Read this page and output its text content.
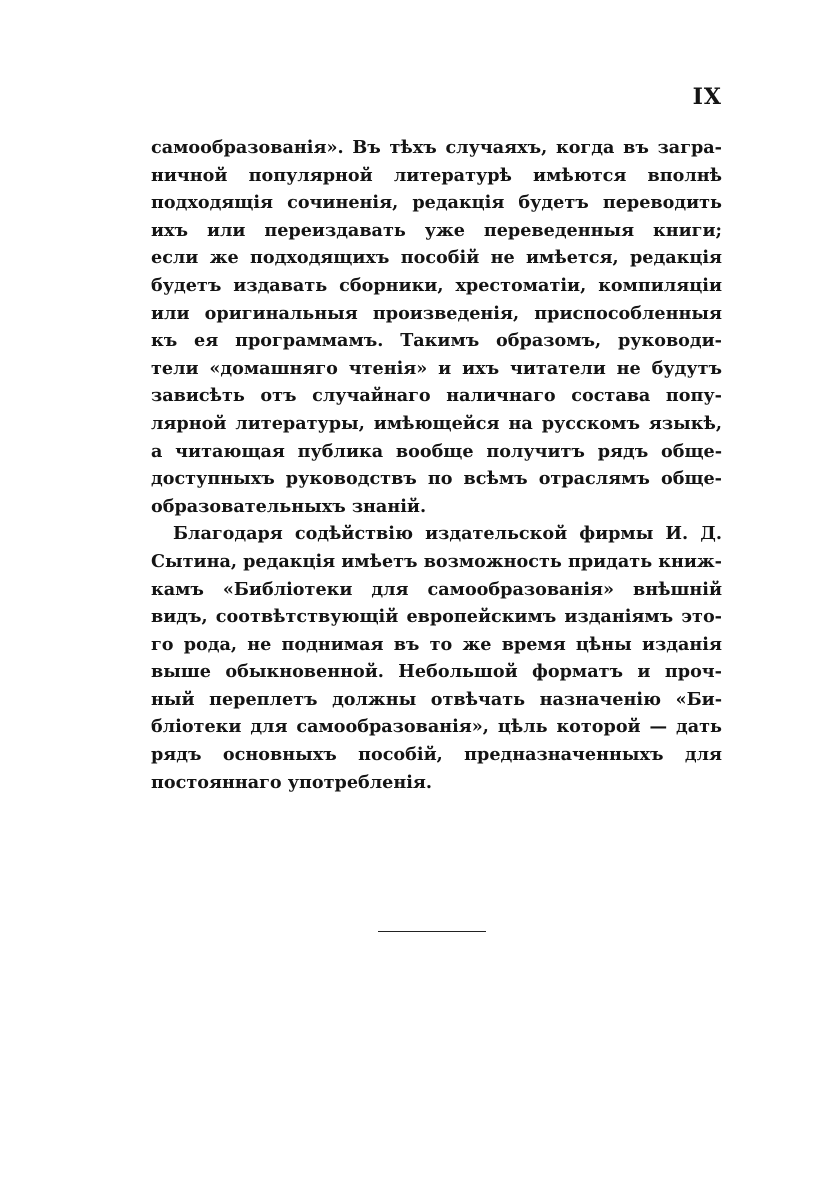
IX

самообразованія». Въ тѣхъ случаяхъ, когда въ загра-
ничной популярной литературѣ имѣются вполнѣ
подходящія сочиненія, редакція будетъ переводить
ихъ или переиздавать уже переведенныя книги;
если же подходящихъ пособій не имѣется, редакція
будетъ издавать сборники, хрестоматіи, компиляціи
или оригинальныя произведенія, приспособленныя
къ ея программамъ. Такимъ образомъ, руководи-
тели «домашняго чтенія» и ихъ читатели не будутъ
зависѣть отъ случайнаго наличнаго состава попу-
лярной литературы, имѣющейся на русскомъ языкѣ,
а читающая публика вообще получитъ рядъ обще-
доступныхъ руководствъ по всѣмъ отраслямъ обще-
образовательныхъ знаній.

Благодаря содѣйствію издательской фирмы И. Д.
Сытина, редакція имѣетъ возможность придать книж-
камъ «Библіотеки для самообразованія» внѣшній
видъ, соотвѣтствующій европейскимъ изданіямъ это-
го рода, не поднимая въ то же время цѣны изданія
выше обыкновенной. Небольшой форматъ и проч-
ный переплетъ должны отвѣчать назначенію «Би-
бліотеки для самообразованія», цѣль которой — дать
рядъ основныхъ пособій, предназначенныхъ для
постояннаго употребленія.
